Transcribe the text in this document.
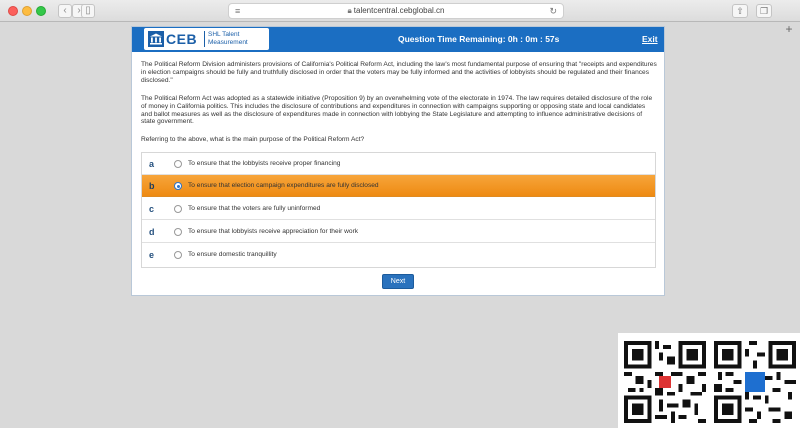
‹	› ▯	≡	🔒︎ talentcentral.cebglobal.cn	↻	⇧	❐
+
CEB SHL Talent Measurement	Question Time Remaining: 0h : 0m : 57s	Exit

The Political Reform Division administers provisions of California's Political Reform Act, including the law's most fundamental purpose of ensuring that "receipts and expenditures in election campaigns should be fully and truthfully disclosed in order that the voters may be fully informed and the activities of lobbyists should be regulated and their finances disclosed."

The Political Reform Act was adopted as a statewide initiative (Proposition 9) by an overwhelming vote of the electorate in 1974. The law requires detailed disclosure of the role of money in California politics. This includes the disclosure of contributions and expenditures in connection with campaigns supporting or opposing state and local candidates and ballot measures as well as the disclosure of expenditures made in connection with lobbying the State Legislature and attempting to influence administrative decisions of state government.

Referring to the above, what is the main purpose of the Political Reform Act?

a	To ensure that the lobbyists receive proper financing
b	To ensure that election campaign expenditures are fully disclosed
c	To ensure that the voters are fully uninformed
d	To ensure that lobbyists receive appreciation for their work
e	To ensure domestic tranquillity
Next
